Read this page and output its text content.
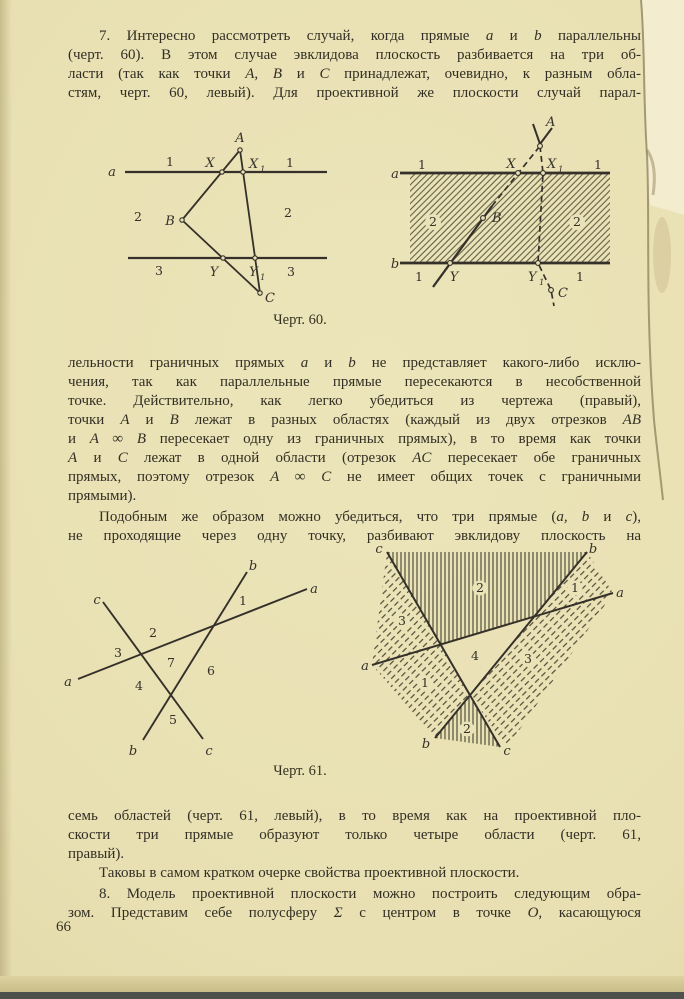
7. Интересно рассмотреть случай, когда прямые a и b параллельны
(черт. 60). В этом случае эвклидова плоскость разбивается на три об-
ласти (так как точки A, B и C принадлежат, очевидно, к разным обла-
стям, черт. 60, левый). Для проективной же плоскости случай парал-
a
A
X	X 1
1	1
2	2
B
3	Y Y 1 3
C
a
b
1	1
1	1
X X 1
A
2	2
B
Y	Y 1
C
Черт. 60.
лельности граничных прямых a и b не представляет какого-либо исклю-
чения, так как параллельные прямые пересекаются в несобственной
точке. Действительно, как легко убедиться из чертежа (правый),
точки A и B лежат в разных областях (каждый из двух отрезков AB
и A ∞ B пересекает одну из граничных прямых), в то время как точки
A и C лежат в одной области (отрезок AC пересекает обе граничных
прямых, поэтому отрезок A ∞ C не имеет общих точек с граничными
прямыми).
Подобным же образом можно убедиться, что три прямые (a, b и c),
не проходящие через одну точку, разбивают эвклидову плоскость на
c
b
a
a
b	c
1
2
3
7
6
4
5
c	b
a
a
b	c
2	1
3
4	3
1
2
Черт. 61.
семь областей (черт. 61, левый), в то время как на проективной пло-
скости три прямые образуют только четыре области (черт. 61,
правый).
Таковы в самом кратком очерке свойства проективной плоскости.
8. Модель проективной плоскости можно построить следующим обра-
зом. Представим себе полусферу Σ с центром в точке O, касающуюся
66
